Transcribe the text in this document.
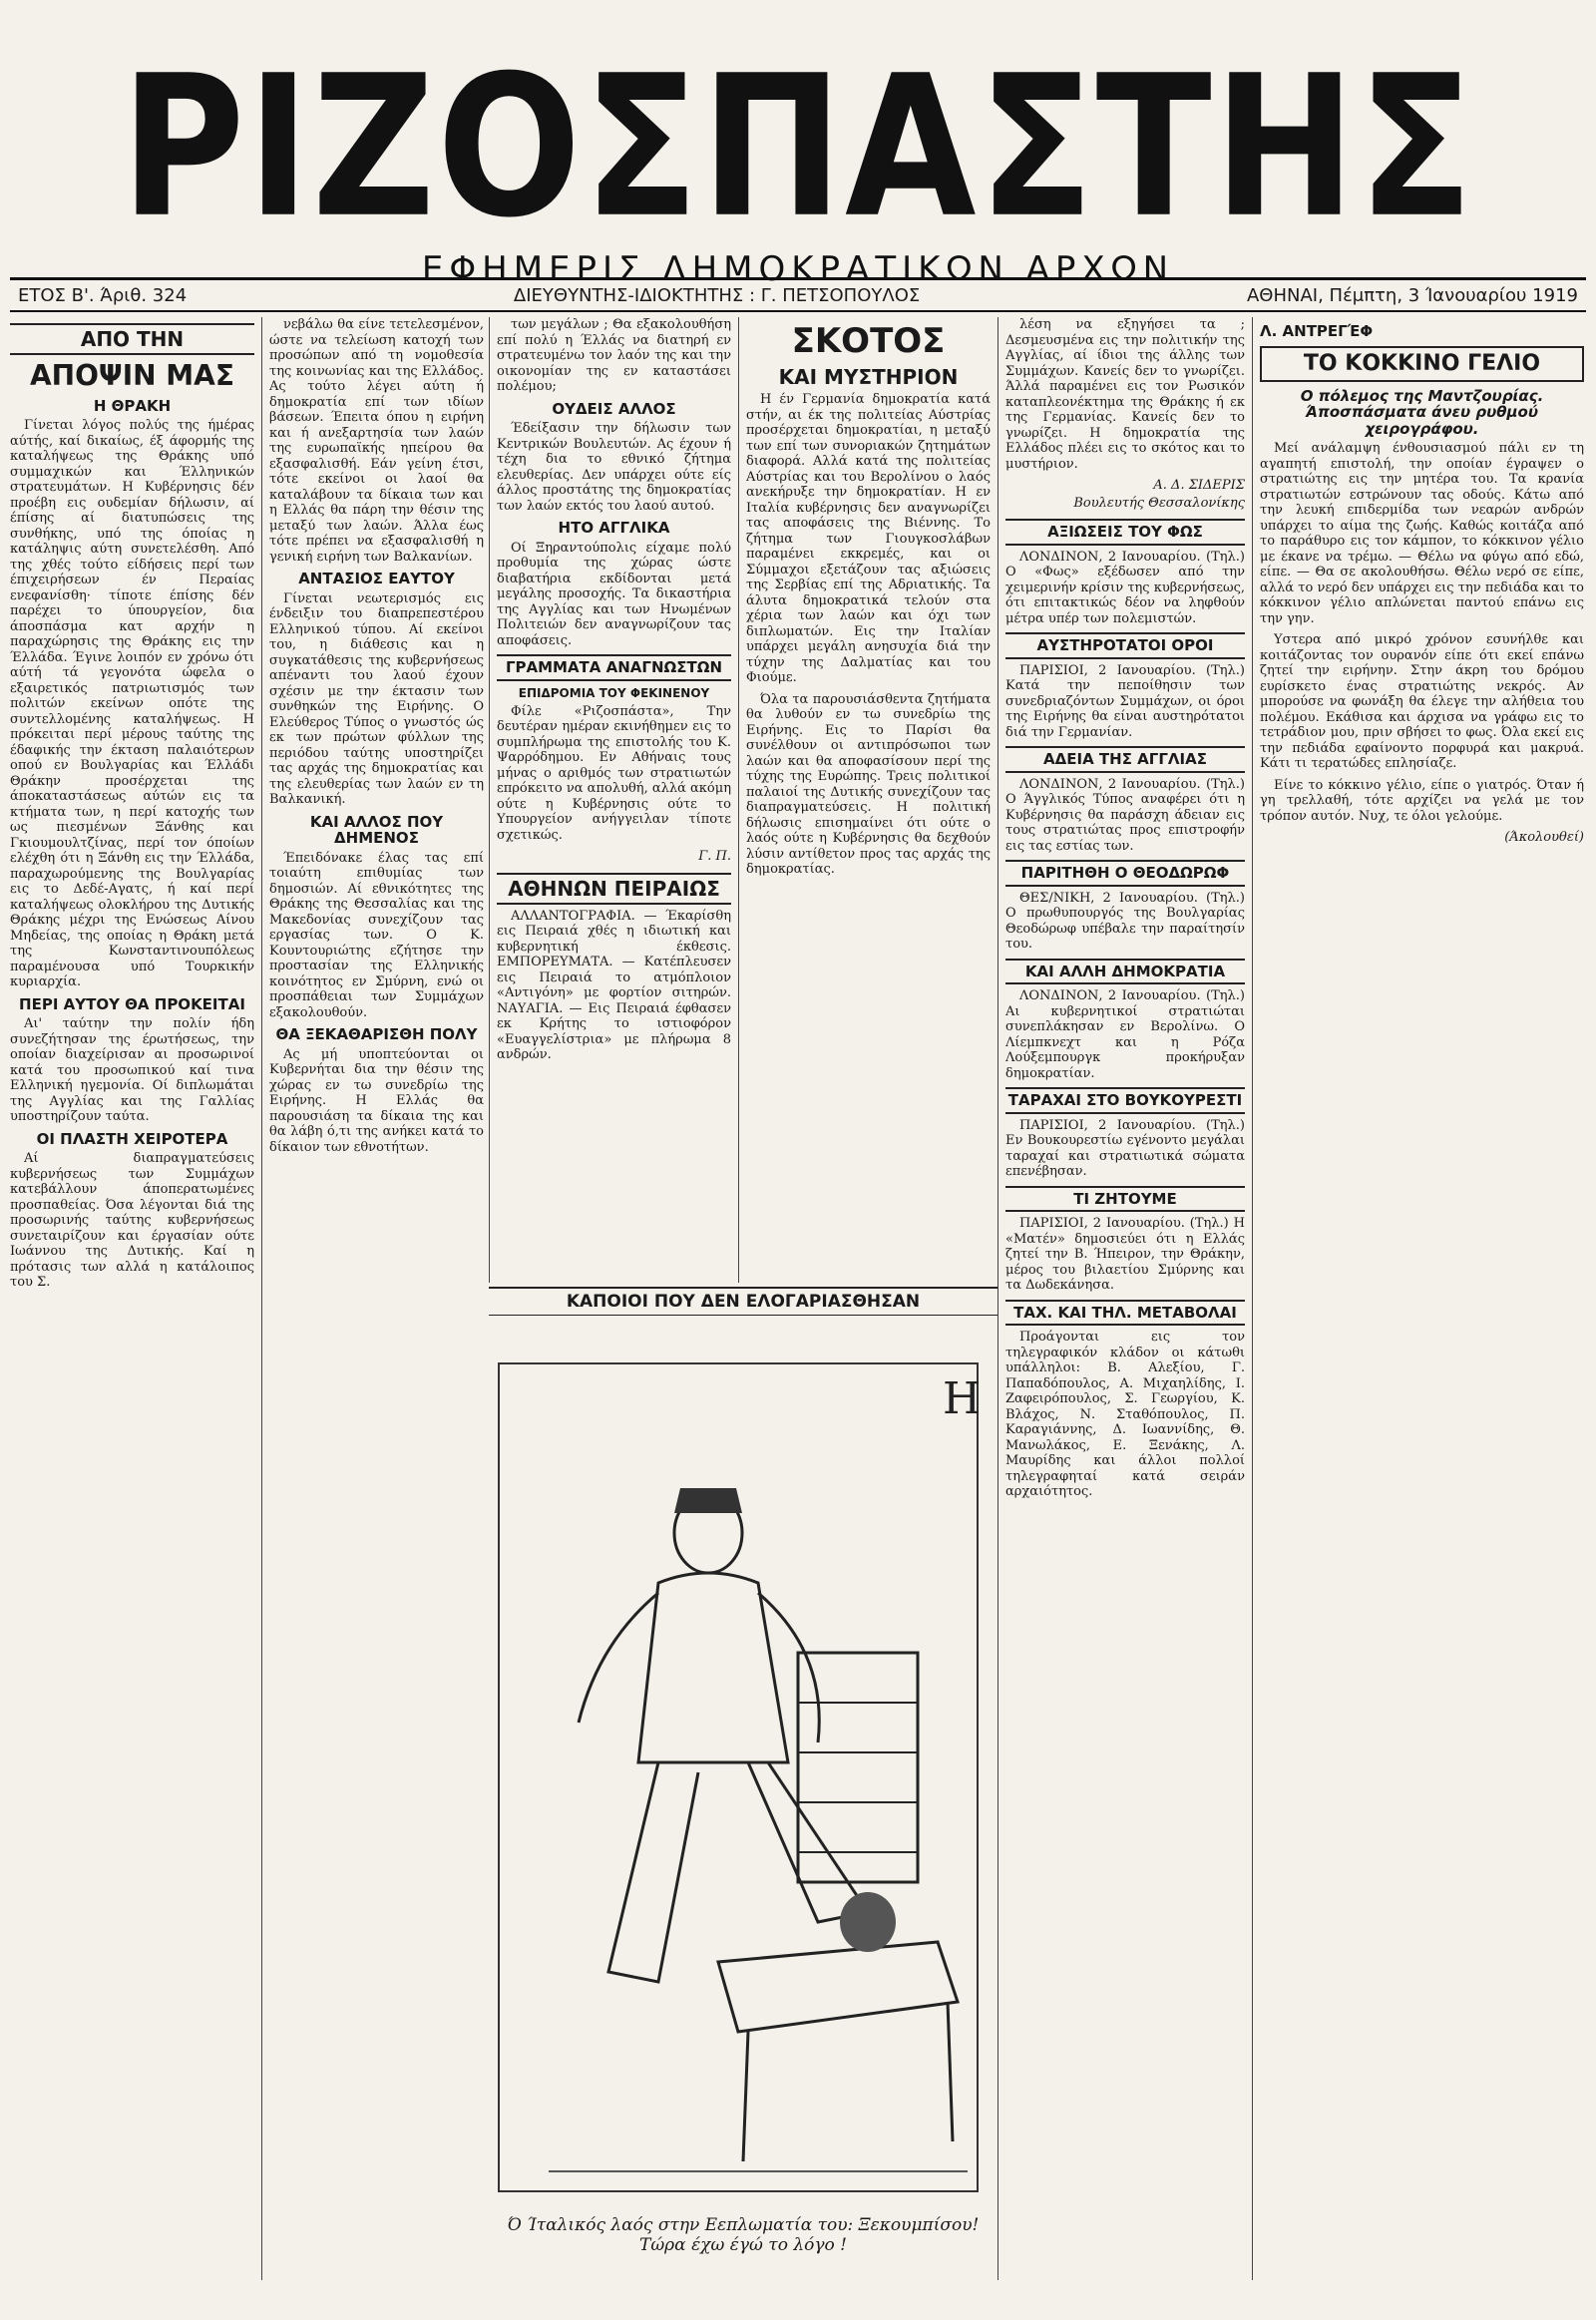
ΡΙΖΟΣΠΑΣΤΗΣ
ΕΦΗΜΕΡΙΣ ΔΗΜΟΚΡΑΤΙΚΩΝ ΑΡΧΩΝ
ΕΤΟΣ Β'. Άριθ. 324	ΔΙΕΥΘΥΝΤΗΣ-ΙΔΙΟΚΤΗΤΗΣ : Γ. ΠΕΤΣΟΠΟΥΛΟΣ	ΑΘΗΝΑΙ, Πέμπτη, 3 Ίανουαρίου 1919
ΑΠΟ ΤΗΝ
ΑΠΟΨΙΝ ΜΑΣ
Η ΘΡΑΚΗ

Γίνεται λόγος πολύς της ήμέρας αύτής, καί δικαίως, έξ άφορμής της καταλήψεως της Θράκης υπό συμμαχικών και Έλληνικών στρατευμάτων. Η Κυβέρνησις δέν προέβη εις ουδεμίαν δήλωσιν, αί έπίσης αί διατυπώσεις της συνθήκης, υπό της όποίας η κατάληψις αύτη συνετελέσθη. Από της χθές τούτο είδήσεις περί των έπιχειρήσεων έν Περαίας ενεφανίσθη· τίποτε έπίσης δέν παρέχει το ύπουργείον, δια άποσπάσμα κατ αρχήν η παραχώρησις της Θράκης εις την Έλλάδα. Έγινε λοιπόν εν χρόνω ότι αύτή τά γεγονότα ώφελα ο εξαιρετικός πατριωτισμός των πολιτών εκείνων οπότε της συντελλομένης καταλήψεως. Η πρόκειται περί μέρους ταύτης της έδαφικής την έκταση παλαιότερων οπού εν Βουλγαρίας και Έλλάδι Θράκην προσέρχεται της άποκαταστάσεως αύτών εις τα κτήματα των, η περί κατοχής των ως πιεσμένων Ξάνθης και Γκιουμουλτζίνας, περί τον όποίων ελέχθη ότι η Ξάνθη εις την Έλλάδα, παραχωρούμενης της Βουλγαρίας εις το Δεδέ-Αγατς, ή καί περί καταλήψεως ολοκλήρου της Δυτικής Θράκης μέχρι της Ενώσεως Αίνου Μηδείας, της οποίας η Θράκη μετά της Κωνσταντινουπόλεως παραμένουσα υπό Τουρκικήν κυριαρχία.

ΠΕΡΙ ΑΥΤΟΥ ΘΑ ΠΡΟΚΕΙΤΑΙ

Αι' ταύτην την πολίν ήδη συνεζήτησαν της έρωτήσεως, την οποίαν διαχείρισαν αι προσωρινοί κατά του προσωπικού καί τινα Ελληνική ηγεμονία. Οί διπλωμάται της Αγγλίας και της Γαλλίας υποστηρίζουν ταύτα.

ΟΙ ΠΛΑΣΤΗ ΧΕΙΡΟΤΕΡΑ

Αί διαπραγματεύσεις κυβερνήσεως των Συμμάχων κατεβάλλουν άποπερατωμένες προσπαθείας. Όσα λέγονται διά της προσωρινής ταύτης κυβερνήσεως συνεταιρίζουν και έργασίαν ούτε Ιωάννου της Δυτικής. Καί η πρότασις των αλλά η κατάλοιπος του Σ.

νεβάλω θα είνε τετελεσμένον, ώστε να τελείωση κατοχή των προσώπων από τη νομοθεσία της κοινωνίας και της Ελλάδος. Ας τούτο λέγει αύτη ή δημοκρατία επί των ιδίων βάσεων. Έπειτα όπου η ειρήνη και ή ανεξαρτησία των λαών της ευρωπαϊκής ηπείρου θα εξασφαλισθή. Εάν γείνη έτσι, τότε εκείνοι οι λαοί θα καταλάβουν τα δίκαια των και η Ελλάς θα πάρη την θέσιν της μεταξύ των λαών. Άλλα έως τότε πρέπει να εξασφαλισθή η γενική ειρήνη των Βαλκανίων.

ΑΝΤΑΣΙΟΣ ΕΑΥΤΟΥ

Γίνεται νεωτερισμός εις ένδειξιν του διαπρεπεστέρου Ελληνικού τύπου. Αί εκείνοι του, η διάθεσις και η συγκατάθεσις της κυβερνήσεως απέναντι του λαού έχουν σχέσιν με την έκτασιν των συνθηκών της Ειρήνης. Ο Ελεύθερος Τύπος ο γνωστός ώς εκ των πρώτων φύλλων της περιόδου ταύτης υποστηρίζει τας αρχάς της δημοκρατίας και της ελευθερίας των λαών εν τη Βαλκανική.

ΚΑΙ ΑΛΛΟΣ ΠΟΥ ΔΗΜΕΝΟΣ

Έπειδόνακε έλας τας επί τοιαύτη επιθυμίας των δημοσιών. Αί εθνικότητες της Θράκης της Θεσσαλίας και της Μακεδονίας συνεχίζουν τας εργασίας των. Ο Κ. Κουντουριώτης εζήτησε την προστασίαν της Ελληνικής κοινότητος εν Σμύρνη, ενώ οι προσπάθειαι των Συμμάχων εξακολουθούν.

ΘΑ ΞΕΚΑΘΑΡΙΣΘΗ ΠΟΛΥ

Ας μή υποπτεύονται οι Κυβερνήται δια την θέσιν της χώρας εν τω συνεδρίω της Ειρήνης. Η Ελλάς θα παρουσιάση τα δίκαια της και θα λάβη ό,τι της ανήκει κατά το δίκαιον των εθνοτήτων.

των μεγάλων ; Θα εξακολουθήση επί πολύ η Έλλάς να διατηρή εν στρατευμένω τον λαόν της και την οικονομίαν της εν καταστάσει πολέμου;

ΟΥΔΕΙΣ ΑΛΛΟΣ

Έδείξασιν την δήλωσιν των Κεντρικών Βουλευτών. Ας έχουν ή τέχη δια το εθνικό ζήτημα ελευθερίας. Δεν υπάρχει ούτε είς άλλος προστάτης της δημοκρατίας των λαών εκτός του λαού αυτού.

ΗΤΟ ΑΓΓΛΙΚΑ

Οί Ξηραντούπολις είχαμε πολύ προθυμία της χώρας ώστε διαβατήρια εκδίδονται μετά μεγάλης προσοχής. Τα δικαστήρια της Αγγλίας και των Ηνωμένων Πολιτειών δεν αναγνωρίζουν τας αποφάσεις.

ΓΡΑΜΜΑΤΑ ΑΝΑΓΝΩΣΤΩΝ
ΕΠΙΔΡΟΜΙΑ ΤΟΥ ΦΕΚΙΝΕΝΟΥ

Φίλε «Ριζοσπάστα», Την δευτέραν ημέραν εκινήθημεν εις το συμπλήρωμα της επιστολής του Κ. Ψαρρόδημου. Εν Αθήναις τους μήνας ο αριθμός των στρατιωτών επρόκειτο να απολυθή, αλλά ακόμη ούτε η Κυβέρνησις ούτε το Υπουργείον ανήγγειλαν τίποτε σχετικώς.

Γ. Π.
ΑΘΗΝΩΝ ΠΕΙΡΑΙΩΣ

ΑΛΛΑΝΤΟΓΡΑΦΙΑ. — Έκαρίσθη εις Πειραιά χθές η ιδιωτική και κυβερνητική έκθεσις. ΕΜΠΟΡΕΥΜΑΤΑ. — Κατέπλευσεν εις Πειραιά το ατμόπλοιον «Αντιγόνη» με φορτίον σιτηρών. ΝΑΥΑΓΙΑ. — Εις Πειραιά έφθασεν εκ Κρήτης το ιστιοφόρον «Ευαγγελίστρια» με πλήρωμα 8 ανδρών.

ΣΚΟΤΟΣ
ΚΑΙ ΜΥΣΤΗΡΙΟΝ

Η έν Γερμανία δημοκρατία κατά στήν, αι έκ της πολιτείας Αύστρίας προσέρχεται δημοκρατίαι, η μεταξύ των επί των συνοριακών ζητημάτων διαφορά. Αλλά κατά της πολιτείας Αύστρίας και του Βερολίνου ο λαός ανεκήρυξε την δημοκρατίαν. Η εν Ιταλία κυβέρνησις δεν αναγνωρίζει τας αποφάσεις της Βιέννης. Το ζήτημα των Γιουγκοσλάβων παραμένει εκκρεμές, και οι Σύμμαχοι εξετάζουν τας αξιώσεις της Σερβίας επί της Αδριατικής. Τα άλυτα δημοκρατικά τελούν στα χέρια των λαών και όχι των διπλωματών. Εις την Ιταλίαν υπάρχει μεγάλη ανησυχία διά την τύχην της Δαλματίας και του Φιούμε.

Όλα τα παρουσιάσθεντα ζητήματα θα λυθούν εν τω συνεδρίω της Ειρήνης. Εις το Παρίσι θα συνέλθουν οι αντιπρόσωποι των λαών και θα αποφασίσουν περί της τύχης της Ευρώπης. Τρεις πολιτικοί παλαιοί της Δυτικής συνεχίζουν τας διαπραγματεύσεις. Η πολιτική δήλωσις επισημαίνει ότι ούτε ο λαός ούτε η Κυβέρνησις θα δεχθούν λύσιν αντίθετον προς τας αρχάς της δημοκρατίας.

λέση να εξηγήσει τα ; Δεσμευσμένα εις την πολιτικήν της Αγγλίας, αί ίδιοι της άλλης των Συμμάχων. Κανείς δεν το γνωρίζει. Άλλά παραμένει εις τον Ρωσικόν καταπλεονέκτημα της Θράκης ή εκ της Γερμανίας. Κανείς δεν το γνωρίζει. Η δημοκρατία της Ελλάδος πλέει εις το σκότος και το μυστήριον.

Α. Δ. ΣΙΔΕΡΙΣ
Βουλευτής Θεσσαλονίκης
ΑΞΙΩΣΕΙΣ ΤΟΥ ΦΩΣ

ΛΟΝΔΙΝΟΝ, 2 Ιανουαρίου. (Τηλ.) Ο «Φως» εξέδωσεν από την χειμερινήν κρίσιν της κυβερνήσεως, ότι επιτακτικώς δέον να ληφθούν μέτρα υπέρ των πολεμιστών.

ΑΥΣΤΗΡΟΤΑΤΟΙ ΟΡΟΙ

ΠΑΡΙΣΙΟΙ, 2 Ιανουαρίου. (Τηλ.) Κατά την πεποίθησιν των συνεδριαζόντων Συμμάχων, οι όροι της Ειρήνης θα είναι αυστηρότατοι διά την Γερμανίαν.

ΑΔΕΙΑ ΤΗΣ ΑΓΓΛΙΑΣ

ΛΟΝΔΙΝΟΝ, 2 Ιανουαρίου. (Τηλ.) Ο Άγγλικός Τύπος αναφέρει ότι η Κυβέρνησις θα παράσχη άδειαν εις τους στρατιώτας προς επιστροφήν εις τας εστίας των.

ΠΑΡΙΤΗΘΗ Ο ΘΕΟΔΩΡΩΦ

ΘΕΣ/ΝΙΚΗ, 2 Ιανουαρίου. (Τηλ.) Ο πρωθυπουργός της Βουλγαρίας Θεοδώρωφ υπέβαλε την παραίτησίν του.

ΚΑΙ ΑΛΛΗ ΔΗΜΟΚΡΑΤΙΑ

ΛΟΝΔΙΝΟΝ, 2 Ιανουαρίου. (Τηλ.) Αι κυβερνητικοί στρατιώται συνεπλάκησαν εν Βερολίνω. Ο Λίεμπκνεχτ και η Ρόζα Λούξεμπουργκ προκήρυξαν δημοκρατίαν.

ΤΑΡΑΧΑΙ ΣΤΟ ΒΟΥΚΟΥΡΕΣΤΙ

ΠΑΡΙΣΙΟΙ, 2 Ιανουαρίου. (Τηλ.) Εν Βουκουρεστίω εγένοντο μεγάλαι ταραχαί και στρατιωτικά σώματα επενέβησαν.

ΤΙ ΖΗΤΟΥΜΕ

ΠΑΡΙΣΙΟΙ, 2 Ιανουαρίου. (Τηλ.) Η «Ματέν» δημοσιεύει ότι η Ελλάς ζητεί την Β. Ήπειρον, την Θράκην, μέρος του βιλαετίου Σμύρνης και τα Δωδεκάνησα.

ΤΑΧ. ΚΑΙ ΤΗΛ. ΜΕΤΑΒΟΛΑΙ

Προάγονται εις τον τηλεγραφικόν κλάδον οι κάτωθι υπάλληλοι: Β. Αλεξίου, Γ. Παπαδόπουλος, Α. Μιχαηλίδης, Ι. Ζαφειρόπουλος, Σ. Γεωργίου, Κ. Βλάχος, Ν. Σταθόπουλος, Π. Καραγιάννης, Δ. Ιωαννίδης, Θ. Μανωλάκος, Ε. Ξενάκης, Λ. Μαυρίδης και άλλοι πολλοί τηλεγραφηταί κατά σειράν αρχαιότητος.

Λ. ΑΝΤΡΕΓΈΦ
ΤΟ ΚΟΚΚΙΝΟ ΓΕΛΙΟ
Ο πόλεμος της Μαντζουρίας. Άποσπάσματα άνευ ρυθμού χειρογράφου.

Μεί ανάλαμψη ένθουσιασμού πάλι εν τη αγαπητή επιστολή, την οποίαν έγραψεν ο στρατιώτης εις την μητέρα του. Τα κρανία στρατιωτών εστρώνουν τας οδούς. Κάτω από την λευκή επιδερμίδα των νεαρών ανδρών υπάρχει το αίμα της ζωής. Καθώς κοιτάζα από το παράθυρο εις τον κάμπον, το κόκκινον γέλιο με έκανε να τρέμω. — Θέλω να φύγω από εδώ, είπε. — Θα σε ακολουθήσω. Θέλω νερό σε είπε, αλλά το νερό δεν υπάρχει εις την πεδιάδα και το κόκκινον γέλιο απλώνεται παντού επάνω εις την γην.

Υστερα από μικρό χρόνον εσυνήλθε και κοιτάζοντας τον ουρανόν είπε ότι εκεί επάνω ζητεί την ειρήνην. Στην άκρη του δρόμου ευρίσκετο ένας στρατιώτης νεκρός. Αν μπορούσε να φωνάξη θα έλεγε την αλήθεια του πολέμου. Εκάθισα και άρχισα να γράφω εις το τετράδιον μου, πριν σβήσει το φως. Όλα εκεί εις την πεδιάδα εφαίνοντο πορφυρά και μακρυά. Κάτι τι τερατώδες επλησίαζε.

Είνε το κόκκινο γέλιο, είπε ο γιατρός. Όταν ή γη τρελλαθή, τότε αρχίζει να γελά με τον τρόπον αυτόν. Νυχ, τε όλοι γελούμε.

(Άκολουθεί)
ΚΑΠΟΙΟΙ ΠΟΥ ΔΕΝ ΕΛΟΓΑΡΙΑΣΘΗΣΑΝ
Η
Ό Ίταλικός λαός στην Εεπλωματία του: Ξεκουμπίσου! Τώρα έχω έγώ το λόγο !
